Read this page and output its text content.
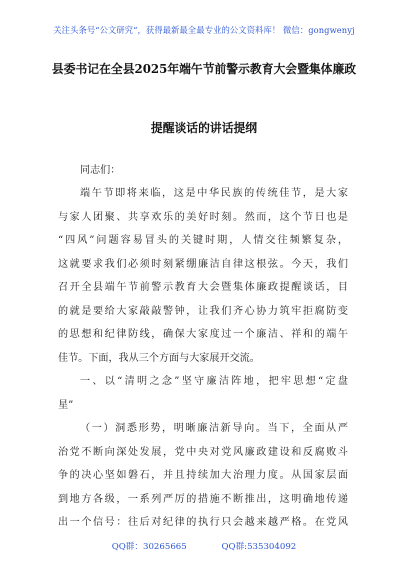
关注头条号“公文研究”，获得最新最全最专业的公文资料库！ 微信：gongwenyj
县委书记在全县2025年端午节前警示教育大会暨集体廉政
提醒谈话的讲话提纲
同志们：
端午节即将来临，这是中华民族的传统佳节，是大家
与家人团聚、共享欢乐的美好时刻。然而，这个节日也是
“四风”问题容易冒头的关键时期，人情交往频繁复杂，
这就要求我们必须时刻紧绷廉洁自律这根弦。今天，我们
召开全县端午节前警示教育大会暨集体廉政提醒谈话，目
的就是要给大家敲敲警钟，让我们齐心协力筑牢拒腐防变
的思想和纪律防线，确保大家度过一个廉洁、祥和的端午
佳节。下面，我从三个方面与大家展开交流。
一、以“清明之念”坚守廉洁阵地，把牢思想“定盘
星”
（一）洞悉形势，明晰廉洁新导向。当下，全面从严
治党不断向深处发展，党中央对党风廉政建设和反腐败斗
争的决心坚如磐石，并且持续加大治理力度。从国家层面
到地方各级，一系列严厉的措施不断推出，这明确地传递
出一个信号：往后对纪律的执行只会越来越严格。在党风
QQ群：30265665	QQ群:535304092
